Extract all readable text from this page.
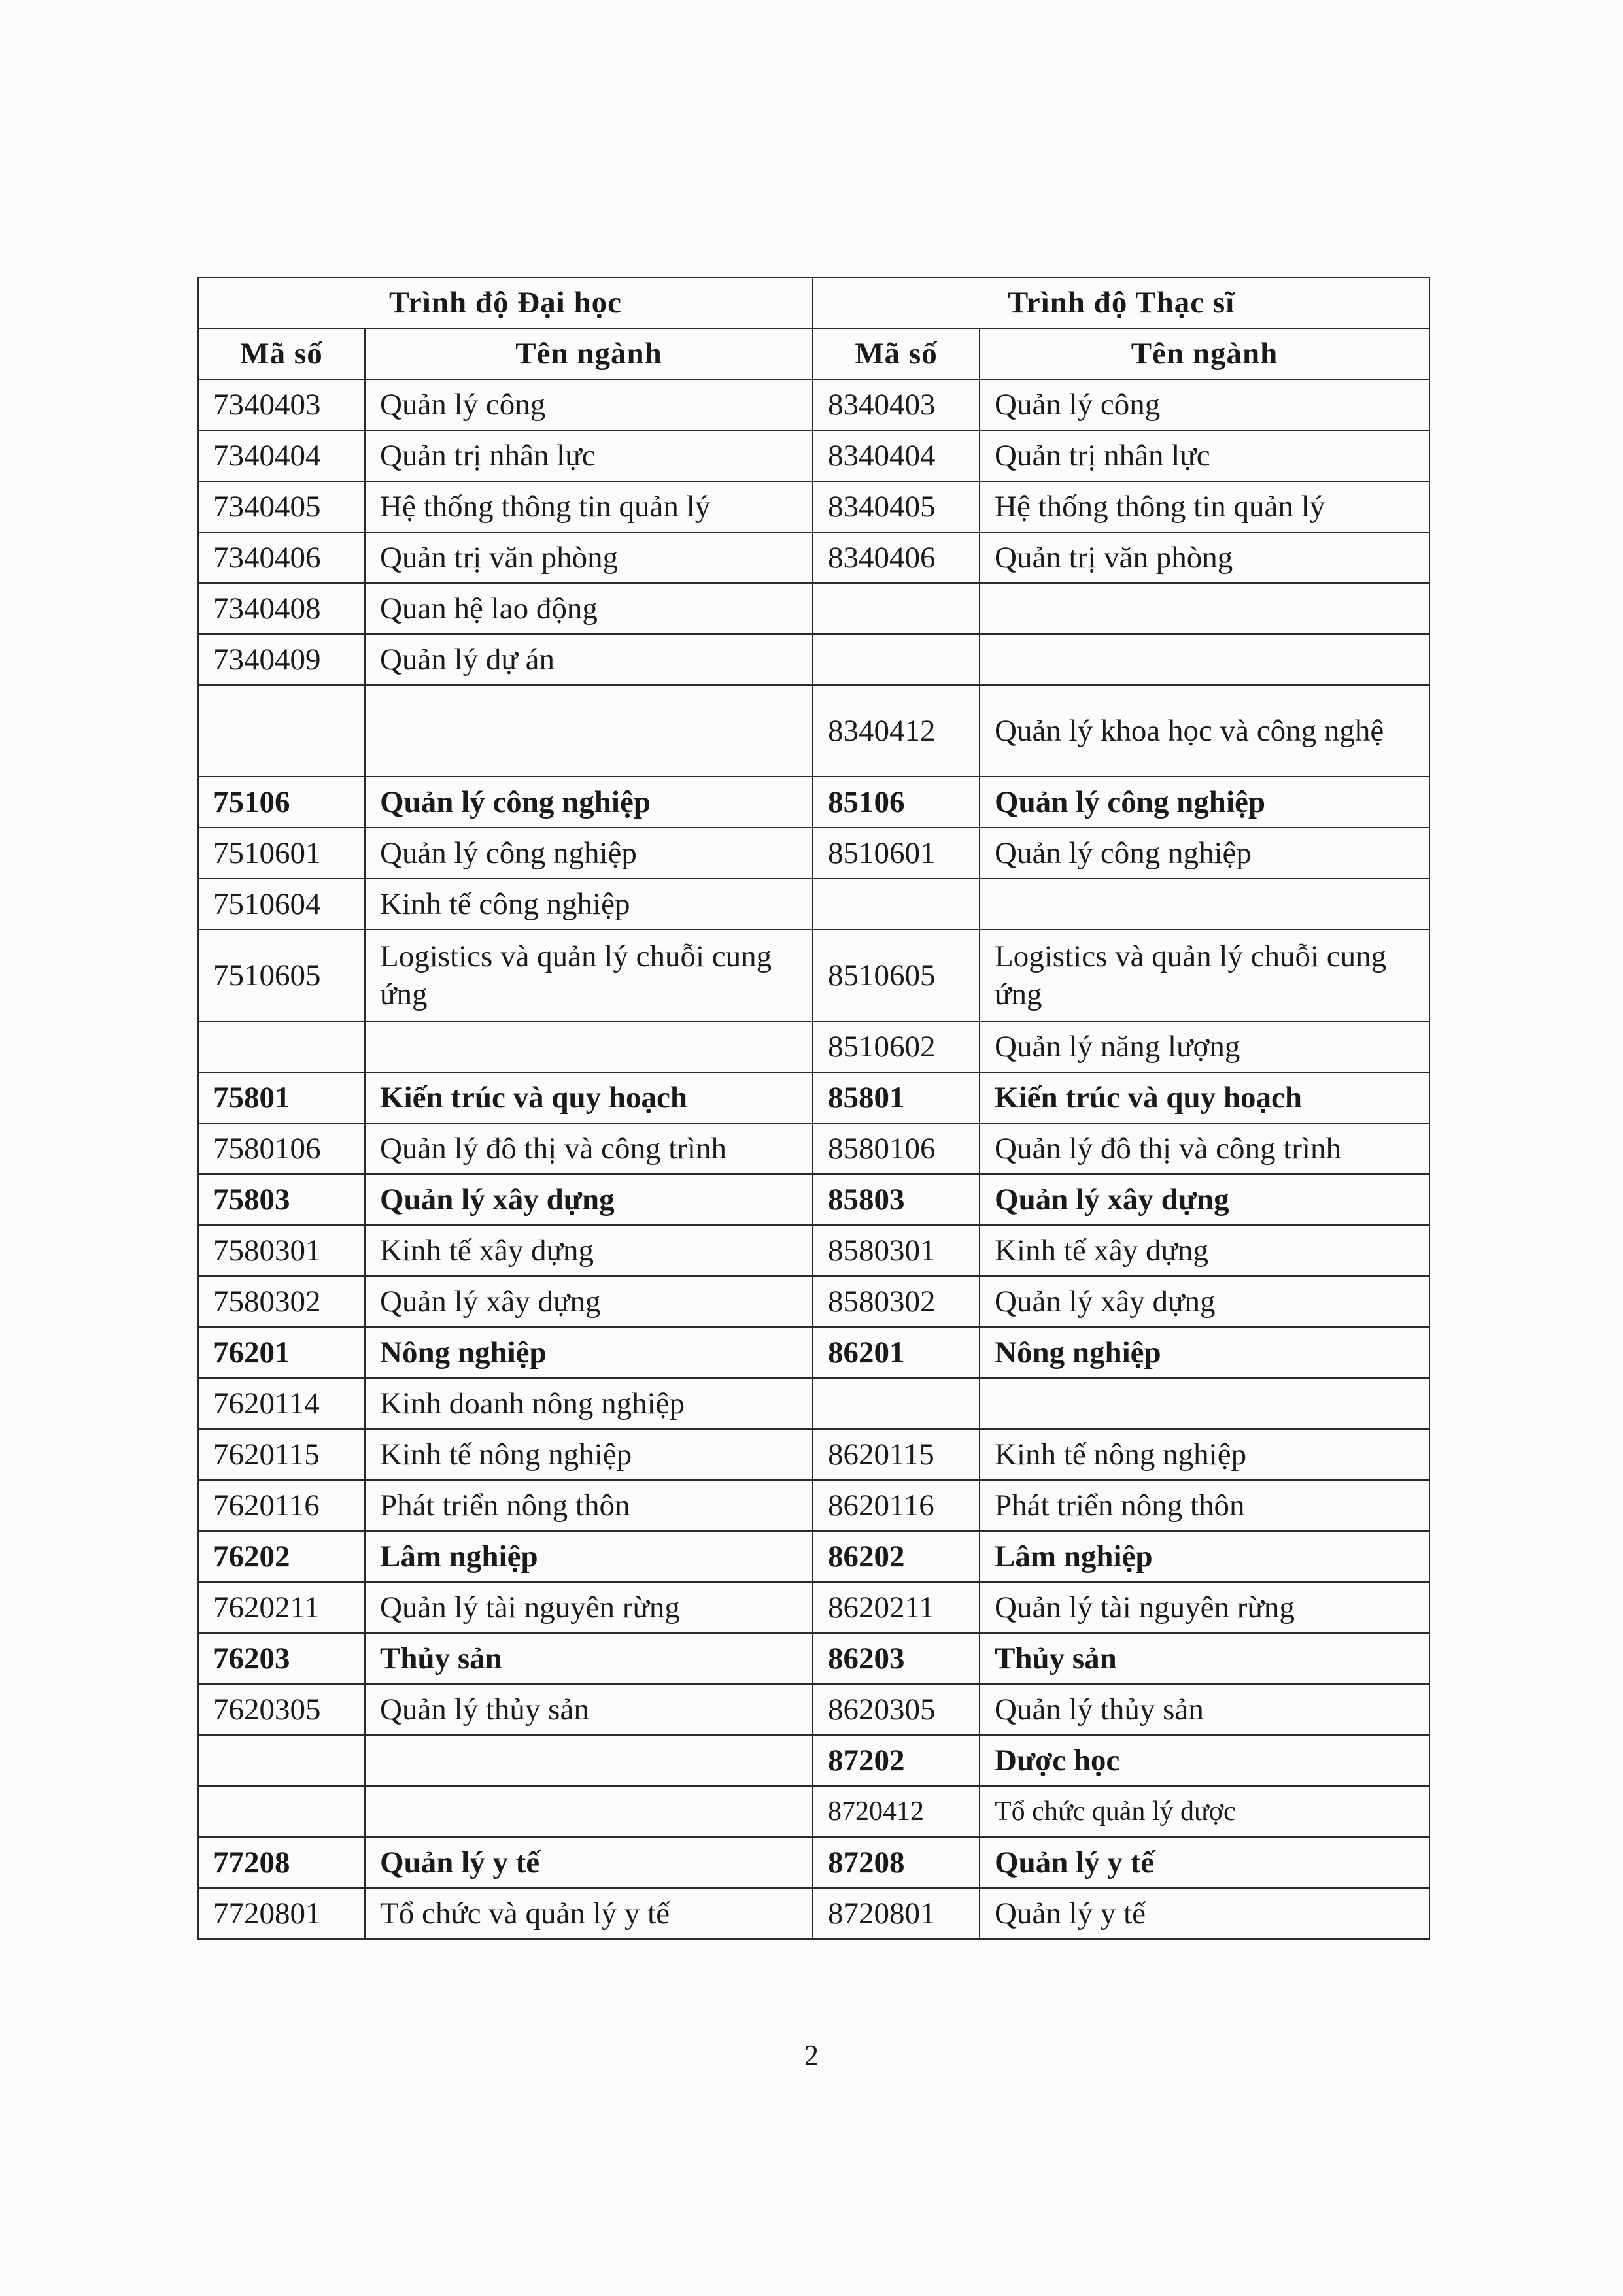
Trình độ Đại học		Trình độ Thạc sĩ	
Mã số	Tên ngành	Mã số	Tên ngành
7340403	Quản lý công	8340403	Quản lý công
7340404	Quản trị nhân lực	8340404	Quản trị nhân lực
7340405	Hệ thống thông tin quản lý	8340405	Hệ thống thông tin quản lý
7340406	Quản trị văn phòng	8340406	Quản trị văn phòng
7340408	Quan hệ lao động		
7340409	Quản lý dự án		
		8340412	Quản lý khoa học và công nghệ
75106	Quản lý công nghiệp	85106	Quản lý công nghiệp
7510601	Quản lý công nghiệp	8510601	Quản lý công nghiệp
7510604	Kinh tế công nghiệp		
7510605	Logistics và quản lý chuỗi cung ứng	8510605	Logistics và quản lý chuỗi cung ứng
		8510602	Quản lý năng lượng
75801	Kiến trúc và quy hoạch	85801	Kiến trúc và quy hoạch
7580106	Quản lý đô thị và công trình	8580106	Quản lý đô thị và công trình
75803	Quản lý xây dựng	85803	Quản lý xây dựng
7580301	Kinh tế xây dựng	8580301	Kinh tế xây dựng
7580302	Quản lý xây dựng	8580302	Quản lý xây dựng
76201	Nông nghiệp	86201	Nông nghiệp
7620114	Kinh doanh nông nghiệp		
7620115	Kinh tế nông nghiệp	8620115	Kinh tế nông nghiệp
7620116	Phát triển nông thôn	8620116	Phát triển nông thôn
76202	Lâm nghiệp	86202	Lâm nghiệp
7620211	Quản lý tài nguyên rừng	8620211	Quản lý tài nguyên rừng
76203	Thủy sản	86203	Thủy sản
7620305	Quản lý thủy sản	8620305	Quản lý thủy sản
		87202	Dược học
		8720412	Tổ chức quản lý dược
77208	Quản lý y tế	87208	Quản lý y tế
7720801	Tổ chức và quản lý y tế	8720801	Quản lý y tế
2
